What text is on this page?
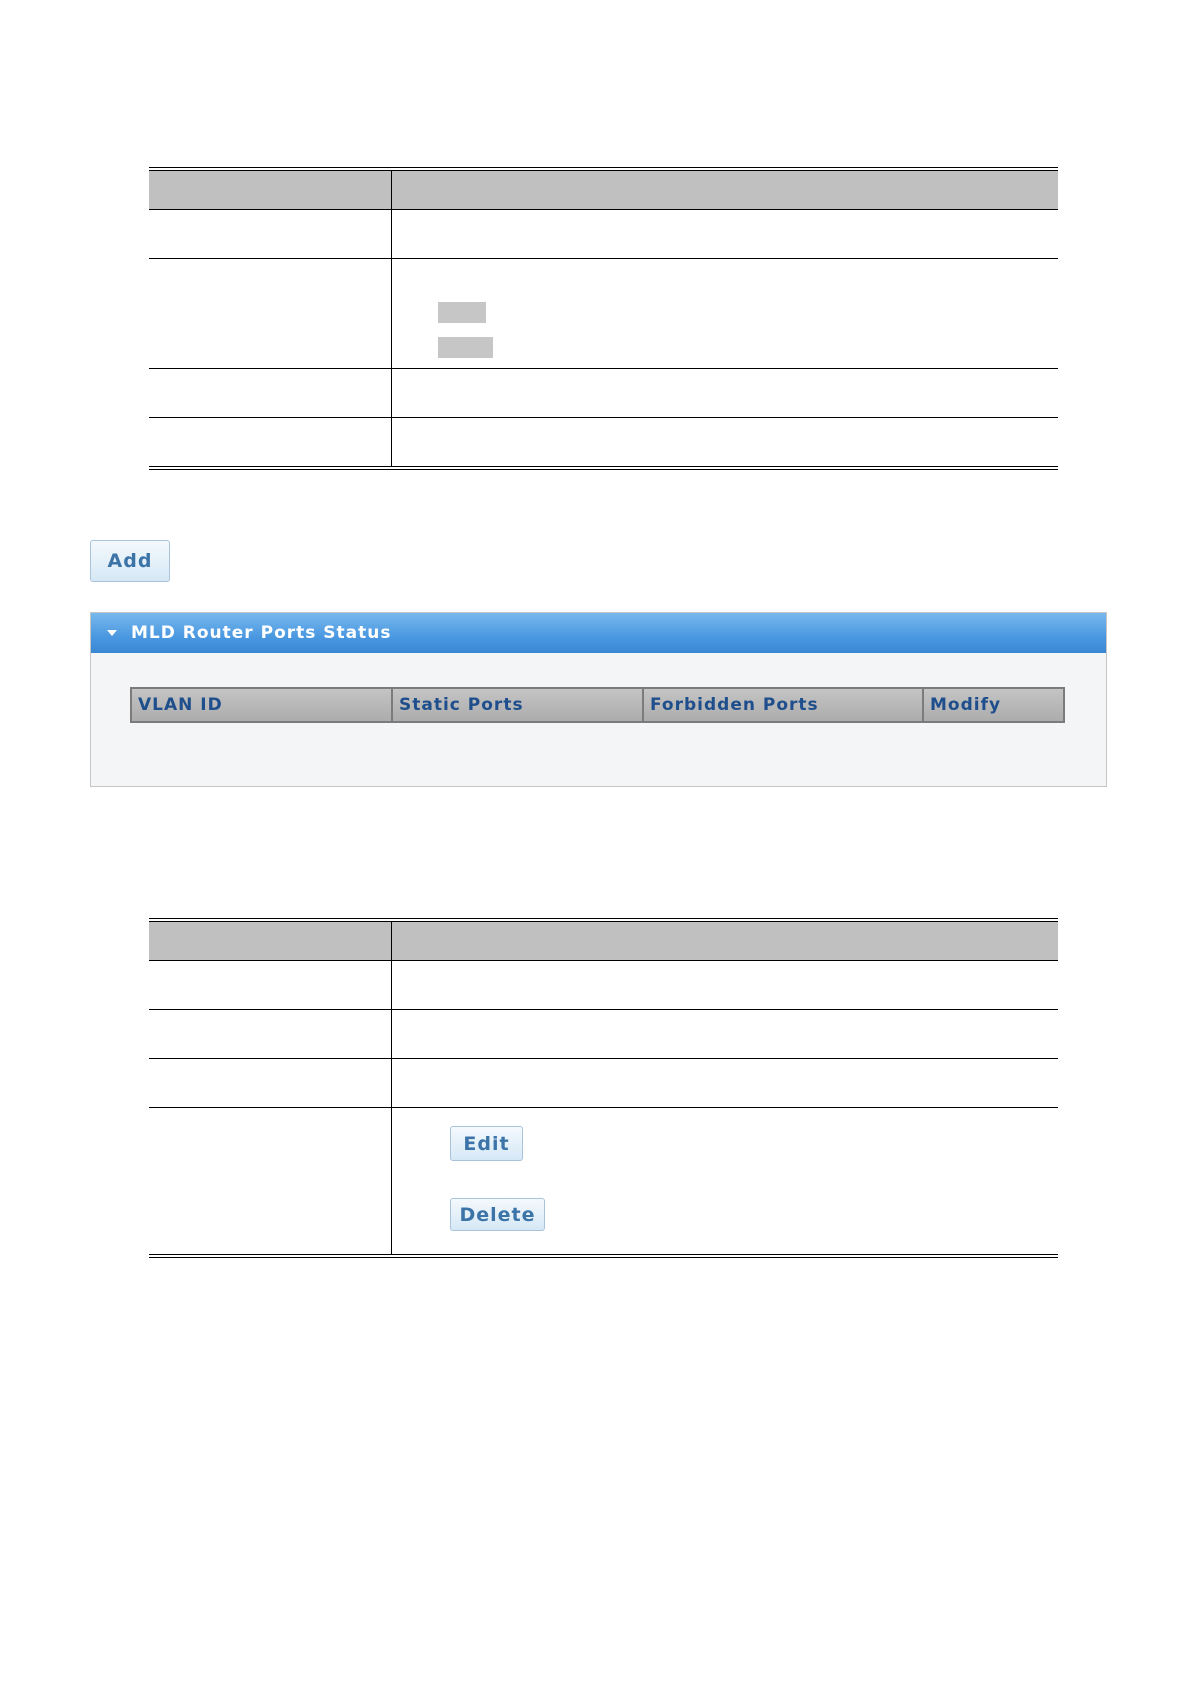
Add
MLD Router Ports Status
VLAN ID	Static Ports	Forbidden Ports	Modify
Edit
Delete
